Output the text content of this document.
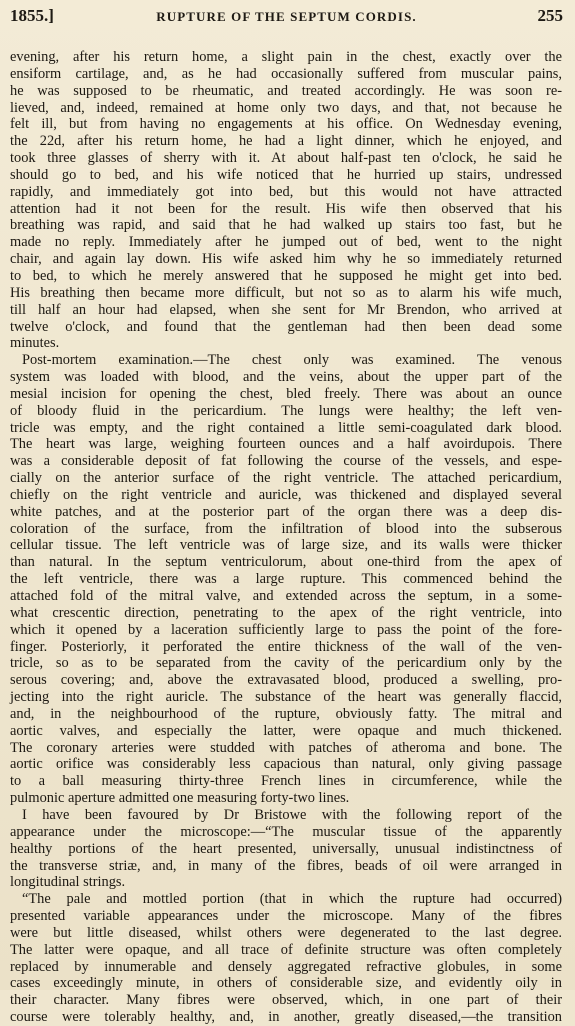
1855.]	RUPTURE OF THE SEPTUM CORDIS.	255
evening, after his return home, a slight pain in the chest, exactly over the
ensiform cartilage, and, as he had occasionally suffered from muscular pains,
he was supposed to be rheumatic, and treated accordingly. He was soon re-
lieved, and, indeed, remained at home only two days, and that, not because he
felt ill, but from having no engagements at his office. On Wednesday evening,
the 22d, after his return home, he had a light dinner, which he enjoyed, and
took three glasses of sherry with it. At about half-past ten o'clock, he said he
should go to bed, and his wife noticed that he hurried up stairs, undressed
rapidly, and immediately got into bed, but this would not have attracted
attention had it not been for the result. His wife then observed that his
breathing was rapid, and said that he had walked up stairs too fast, but he
made no reply. Immediately after he jumped out of bed, went to the night
chair, and again lay down. His wife asked him why he so immediately returned
to bed, to which he merely answered that he supposed he might get into bed.
His breathing then became more difficult, but not so as to alarm his wife much,
till half an hour had elapsed, when she sent for Mr Brendon, who arrived at
twelve o'clock, and found that the gentleman had then been dead some
minutes.
Post-mortem examination.—The chest only was examined. The venous
system was loaded with blood, and the veins, about the upper part of the
mesial incision for opening the chest, bled freely. There was about an ounce
of bloody fluid in the pericardium. The lungs were healthy; the left ven-
tricle was empty, and the right contained a little semi-coagulated dark blood.
The heart was large, weighing fourteen ounces and a half avoirdupois. There
was a considerable deposit of fat following the course of the vessels, and espe-
cially on the anterior surface of the right ventricle. The attached pericardium,
chiefly on the right ventricle and auricle, was thickened and displayed several
white patches, and at the posterior part of the organ there was a deep dis-
coloration of the surface, from the infiltration of blood into the subserous
cellular tissue. The left ventricle was of large size, and its walls were thicker
than natural. In the septum ventriculorum, about one-third from the apex of
the left ventricle, there was a large rupture. This commenced behind the
attached fold of the mitral valve, and extended across the septum, in a some-
what crescentic direction, penetrating to the apex of the right ventricle, into
which it opened by a laceration sufficiently large to pass the point of the fore-
finger. Posteriorly, it perforated the entire thickness of the wall of the ven-
tricle, so as to be separated from the cavity of the pericardium only by the
serous covering; and, above the extravasated blood, produced a swelling, pro-
jecting into the right auricle. The substance of the heart was generally flaccid,
and, in the neighbourhood of the rupture, obviously fatty. The mitral and
aortic valves, and especially the latter, were opaque and much thickened.
The coronary arteries were studded with patches of atheroma and bone. The
aortic orifice was considerably less capacious than natural, only giving passage
to a ball measuring thirty-three French lines in circumference, while the
pulmonic aperture admitted one measuring forty-two lines.
I have been favoured by Dr Bristowe with the following report of the
appearance under the microscope:—“The muscular tissue of the apparently
healthy portions of the heart presented, universally, unusual indistinctness of
the transverse striæ, and, in many of the fibres, beads of oil were arranged in
longitudinal strings.
“The pale and mottled portion (that in which the rupture had occurred)
presented variable appearances under the microscope. Many of the fibres
were but little diseased, whilst others were degenerated to the last degree.
The latter were opaque, and all trace of definite structure was often completely
replaced by innumerable and densely aggregated refractive globules, in some
cases exceedingly minute, in others of considerable size, and evidently oily in
their character. Many fibres were observed, which, in one part of their
course were tolerably healthy, and, in another, greatly diseased,—the transition
